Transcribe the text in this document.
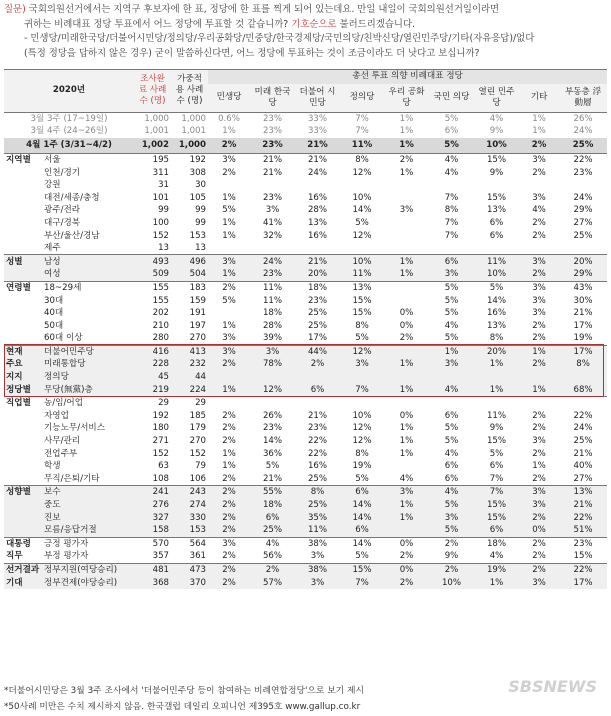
질문) 국회의원선거에서는 지역구 후보자에 한 표, 정당에 한 표를 찍게 되어 있는데요. 만일 내일이 국회의원선거일이라면
귀하는 비례대표 정당 투표에서 어느 정당에 투표할 것 같습니까? 기호순으로 불러드리겠습니다.
- 민생당/미래한국당/더불어시민당/정의당/우리공화당/민중당/한국경제당/국민의당/친박신당/열린민주당/기타(자유응답)/없다
(특정 정당을 답하지 않은 경우) 굳이 말씀하신다면, 어느 정당에 투표하는 것이 조금이라도 더 낫다고 보십니까?
2020년		조사완료 사례수 (명)	가중적용 사례수 (명)	총선 투표 의향 비례대표 정당								
				민생당	미래 한국당	더불어 시민당	정의당	우리 공화당	국민 의당	열린 민주당	기타	부동층 浮動層
3월 3주 (17~19일)		1,000	1,000	0.6%	23%	33%	7%	1%	5%	4%	1%	26%
3월 4주 (24~26일)		1,001	1,001	1%	23%	33%	7%	1%	6%	9%	1%	24%
4월 1주 (3/31~4/2)		1,002	1,000	2%	23%	21%	11%	1%	5%	10%	2%	25%
지역별	서울	195	192	3%	21%	21%	8%	2%	4%	15%	3%	22%
	인천/경기	311	308	2%	21%	24%	12%	1%	4%	9%	2%	23%
	강원	31	30									
	대전/세종/충청	101	105	1%	23%	16%	10%		7%	15%	3%	24%
	광주/전라	99	99	5%	3%	28%	14%	3%	8%	13%	4%	29%
	대구/경북	100	99	1%	41%	13%	5%		7%	6%	2%	27%
	부산/울산/경남	152	153	1%	32%	16%	12%		7%	6%	2%	25%
	제주	13	13									
성별	남성	493	496	3%	24%	21%	10%	1%	6%	11%	3%	20%
	여성	509	504	1%	23%	20%	11%	1%	3%	10%	2%	29%
연령별	18~29세	155	183	2%	11%	18%	13%		5%	5%	3%	43%
	30대	155	159	5%	11%	23%	15%		5%	14%	3%	30%
	40대	202	191		18%	25%	15%	0%	5%	16%	3%	21%
	50대	210	197	1%	28%	25%	8%	0%	4%	13%	2%	17%
	60대 이상	280	270	3%	39%	17%	5%	2%	5%	8%	2%	19%
현재	더불어민주당	416	413	3%	3%	44%	12%		1%	20%	1%	17%
주요	미래통합당	228	232	2%	78%	2%	3%	1%	3%	1%	2%	8%
지지	정의당	45	44									
정당별	무당(無黨)층	219	224	1%	12%	6%	7%	1%	4%	1%	1%	68%
직업별	농/임/어업	29	29									
	자영업	192	185	2%	26%	21%	10%	0%	6%	11%	2%	22%
	기능노무/서비스	180	179	2%	23%	23%	12%	1%	5%	9%	2%	24%
	사무/관리	271	270	2%	14%	22%	12%	1%	5%	15%	3%	25%
	전업주부	152	152	1%	36%	22%	8%	1%	4%	5%	2%	21%
	학생	63	79	1%	5%	16%	19%		6%	6%	1%	40%
	무직/은퇴/기타	108	106	2%	21%	25%	5%	4%	6%	7%	2%	27%
성향별	보수	241	243	2%	55%	8%	6%	3%	4%	7%	3%	13%
	중도	276	274	2%	18%	25%	14%	1%	5%	15%	3%	21%
	진보	327	330	2%	6%	35%	14%	1%	3%	15%	2%	22%
	모름/응답거절	158	153	2%	25%	11%	6%		5%	6%	0%	51%
대통령	긍정 평가자	570	564	3%	4%	38%	14%	0%	2%	18%	2%	23%
직무	부정 평가자	357	361	2%	56%	3%	5%	2%	9%	4%	2%	15%
선거결과	정부지원(여당승리)	481	473	2%	2%	38%	15%	0%	2%	19%	2%	22%
기대	정부견제(야당승리)	368	370	2%	57%	3%	7%	2%	10%	1%	3%	17%
*더불어시민당은 3월 3주 조사에서 '더불어민주당 등이 참여하는 비례연합정당'으로 보기 제시
*50사례 미만은 수치 제시하지 않음. 한국갤럽 데일리 오피니언 제395호 www.gallup.co.kr
SBSNEWS
